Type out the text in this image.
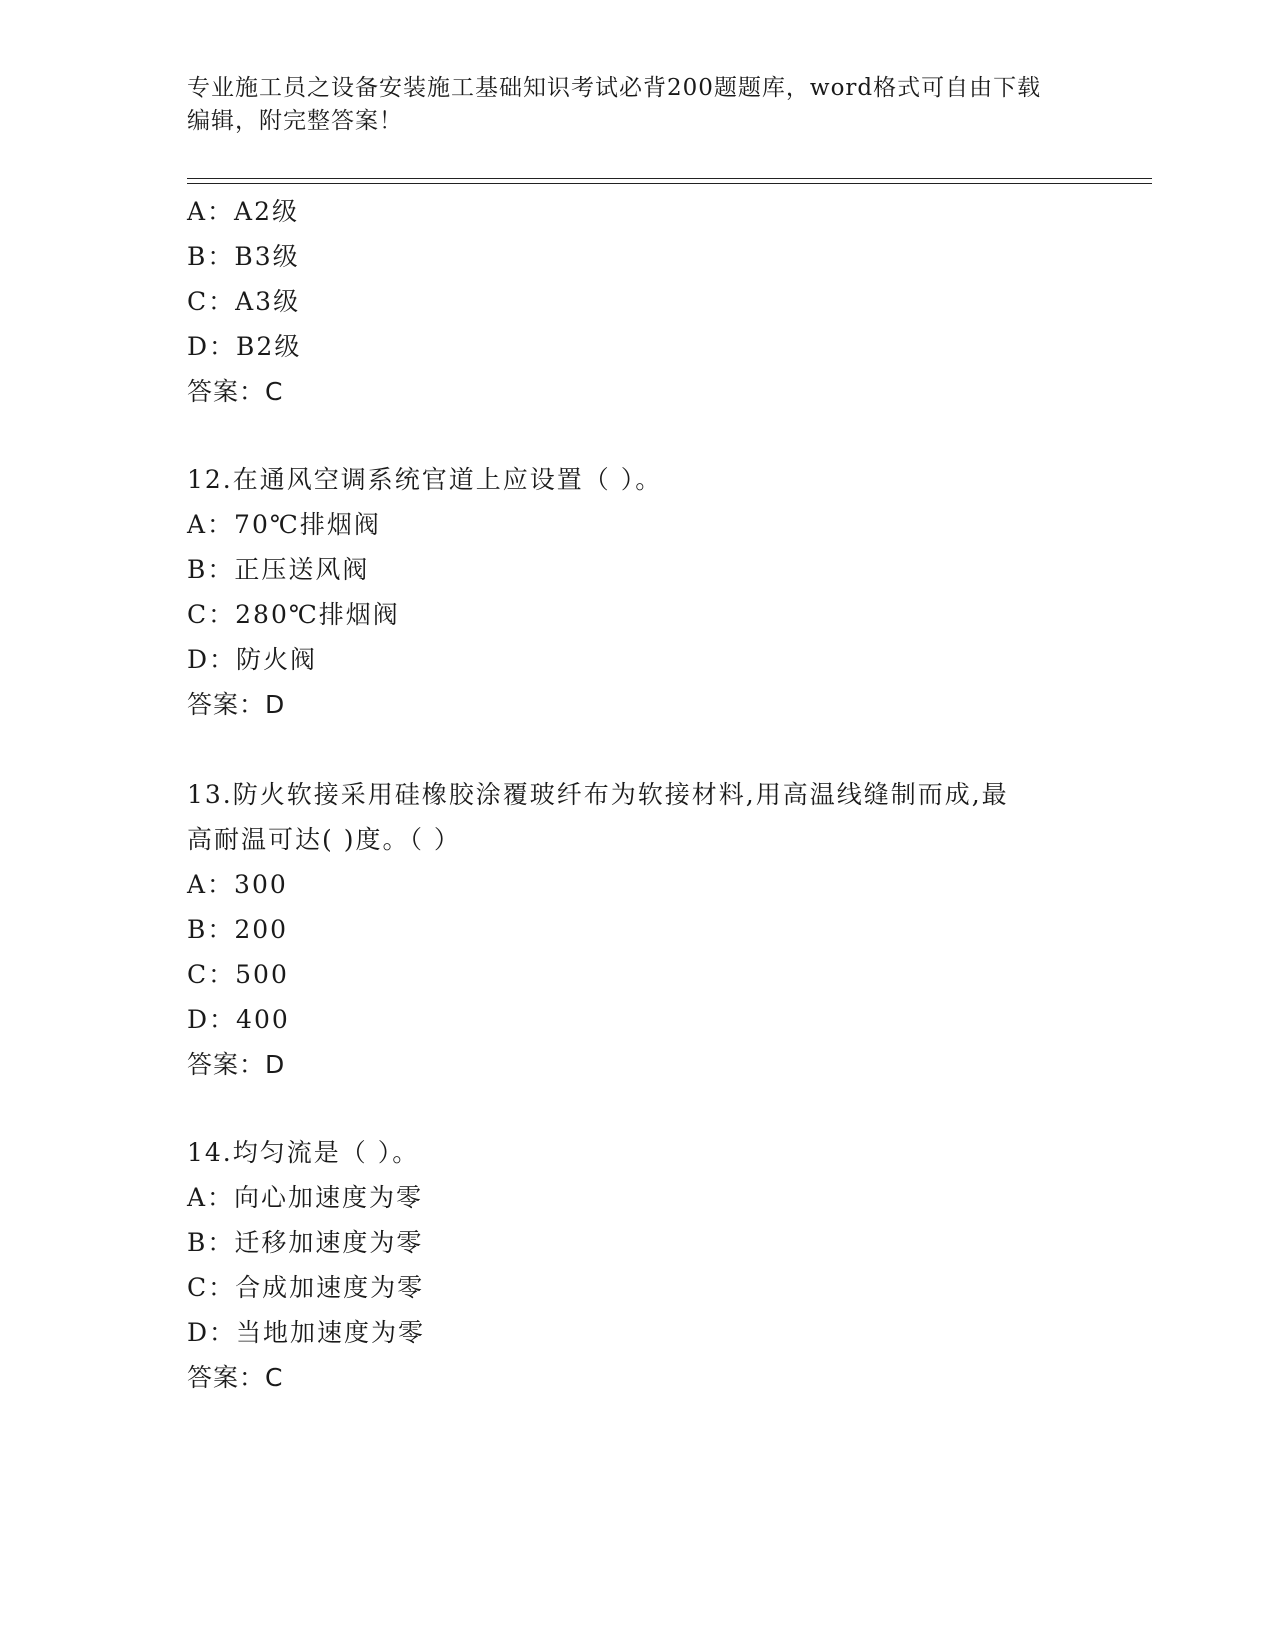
专业施工员之设备安装施工基础知识考试必背200题题库，word格式可自由下载
编辑，附完整答案！
A：A2级
B：B3级
C：A3级
D：B2级
答案：C
12.在通风空调系统官道上应设置（ ）。
A：70℃排烟阀
B：正压送风阀
C：280℃排烟阀
D：防火阀
答案：D
13.防火软接采用硅橡胶涂覆玻纤布为软接材料,用高温线缝制而成,最
高耐温可达( )度。（ ）
A：300
B：200
C：500
D：400
答案：D
14.均匀流是（ ）。
A：向心加速度为零
B：迁移加速度为零
C：合成加速度为零
D：当地加速度为零
答案：C
